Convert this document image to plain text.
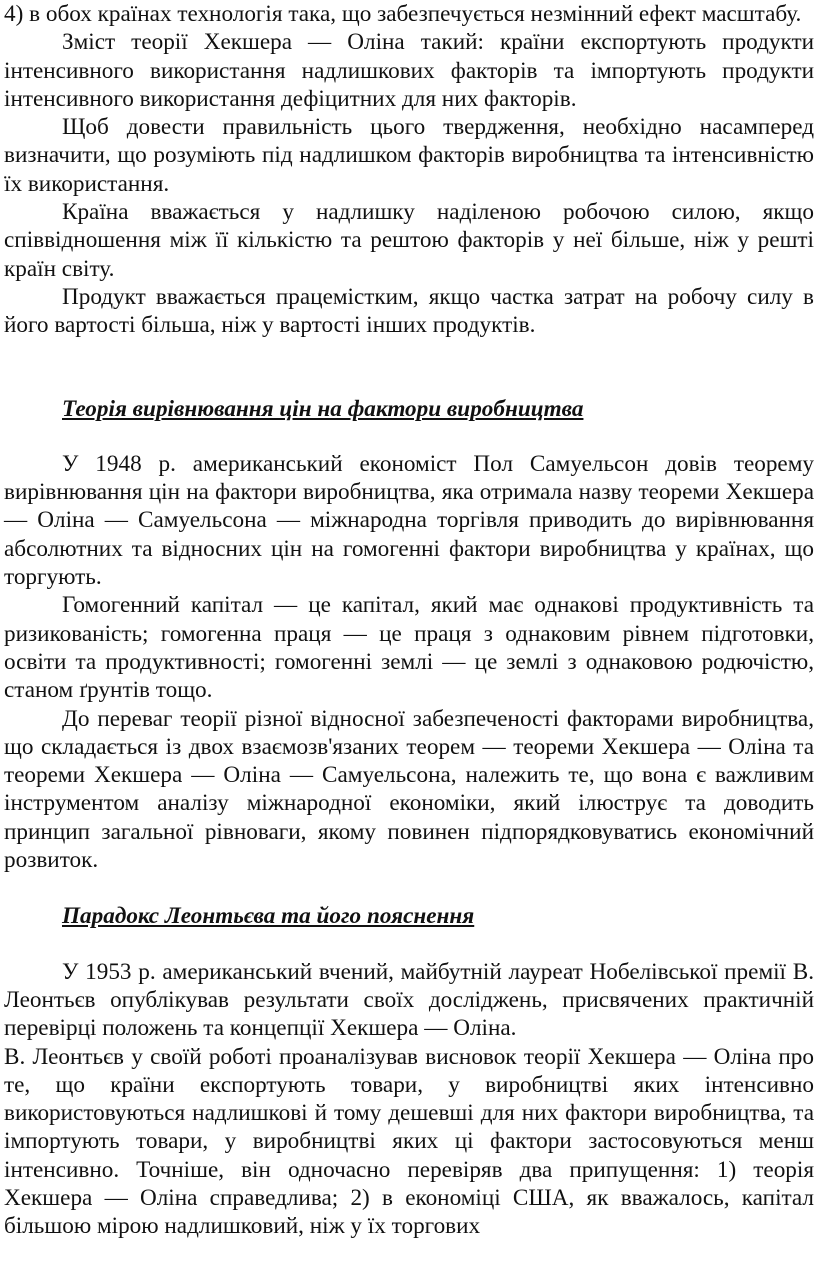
4) в обох країнах технологія така, що забезпечується незмінний ефект масштабу.

Зміст теорії Хекшера — Оліна такий: країни експортують продукти інтенсивного використання надлишкових факторів та імпортують продукти інтенсивного використання дефіцитних для них факторів.

Щоб довести правильність цього твердження, необхідно насамперед визначити, що розуміють під надлишком факторів виробництва та інтенсивністю їх використання.

Країна вважається у надлишку наділеною робочою силою, якщо співвідношення між її кількістю та рештою факторів у неї більше, ніж у решті країн світу.

Продукт вважається працемістким, якщо частка затрат на робочу силу в його вартості більша, ніж у вартості інших продуктів.

Теорія вирівнювання цін на фактори виробництва

У 1948 р. американський економіст Пол Самуельсон довів теорему вирівнювання цін на фактори виробництва, яка отримала назву теореми Хекшера — Оліна — Самуельсона — міжнародна торгівля приводить до вирівнювання абсолютних та відносних цін на гомогенні фактори виробництва у країнах, що торгують.

Гомогенний капітал — це капітал, який має однакові продуктивність та ризикованість; гомогенна праця — це праця з однаковим рівнем підготовки, освіти та продуктивності; гомогенні землі — це землі з однаковою родючістю, станом ґрунтів тощо.

До переваг теорії різної відносної забезпеченості факторами виробництва, що складається із двох взаємозв'язаних теорем — теореми Хекшера — Оліна та теореми Хекшера — Оліна — Самуельсона, належить те, що вона є важливим інструментом аналізу міжнародної економіки, який ілюструє та доводить принцип загальної рівноваги, якому повинен підпорядковуватись економічний розвиток.

Парадокс Леонтьєва та його пояснення

У 1953 р. американський вчений, майбутній лауреат Нобелівської премії В. Леонтьєв опублікував результати своїх досліджень, присвячених практичній перевірці положень та концепції Хекшера — Оліна.

В. Леонтьєв у своїй роботі проаналізував висновок теорії Хекшера — Оліна про те, що країни експортують товари, у виробництві яких інтенсивно використовуються надлишкові й тому дешевші для них фактори виробництва, та імпортують товари, у виробництві яких ці фактори застосовуються менш інтенсивно. Точніше, він одночасно перевіряв два припущення: 1) теорія Хекшера — Оліна справедлива; 2) в економіці США, як вважалось, капітал більшою мірою надлишковий, ніж у їх торгових
